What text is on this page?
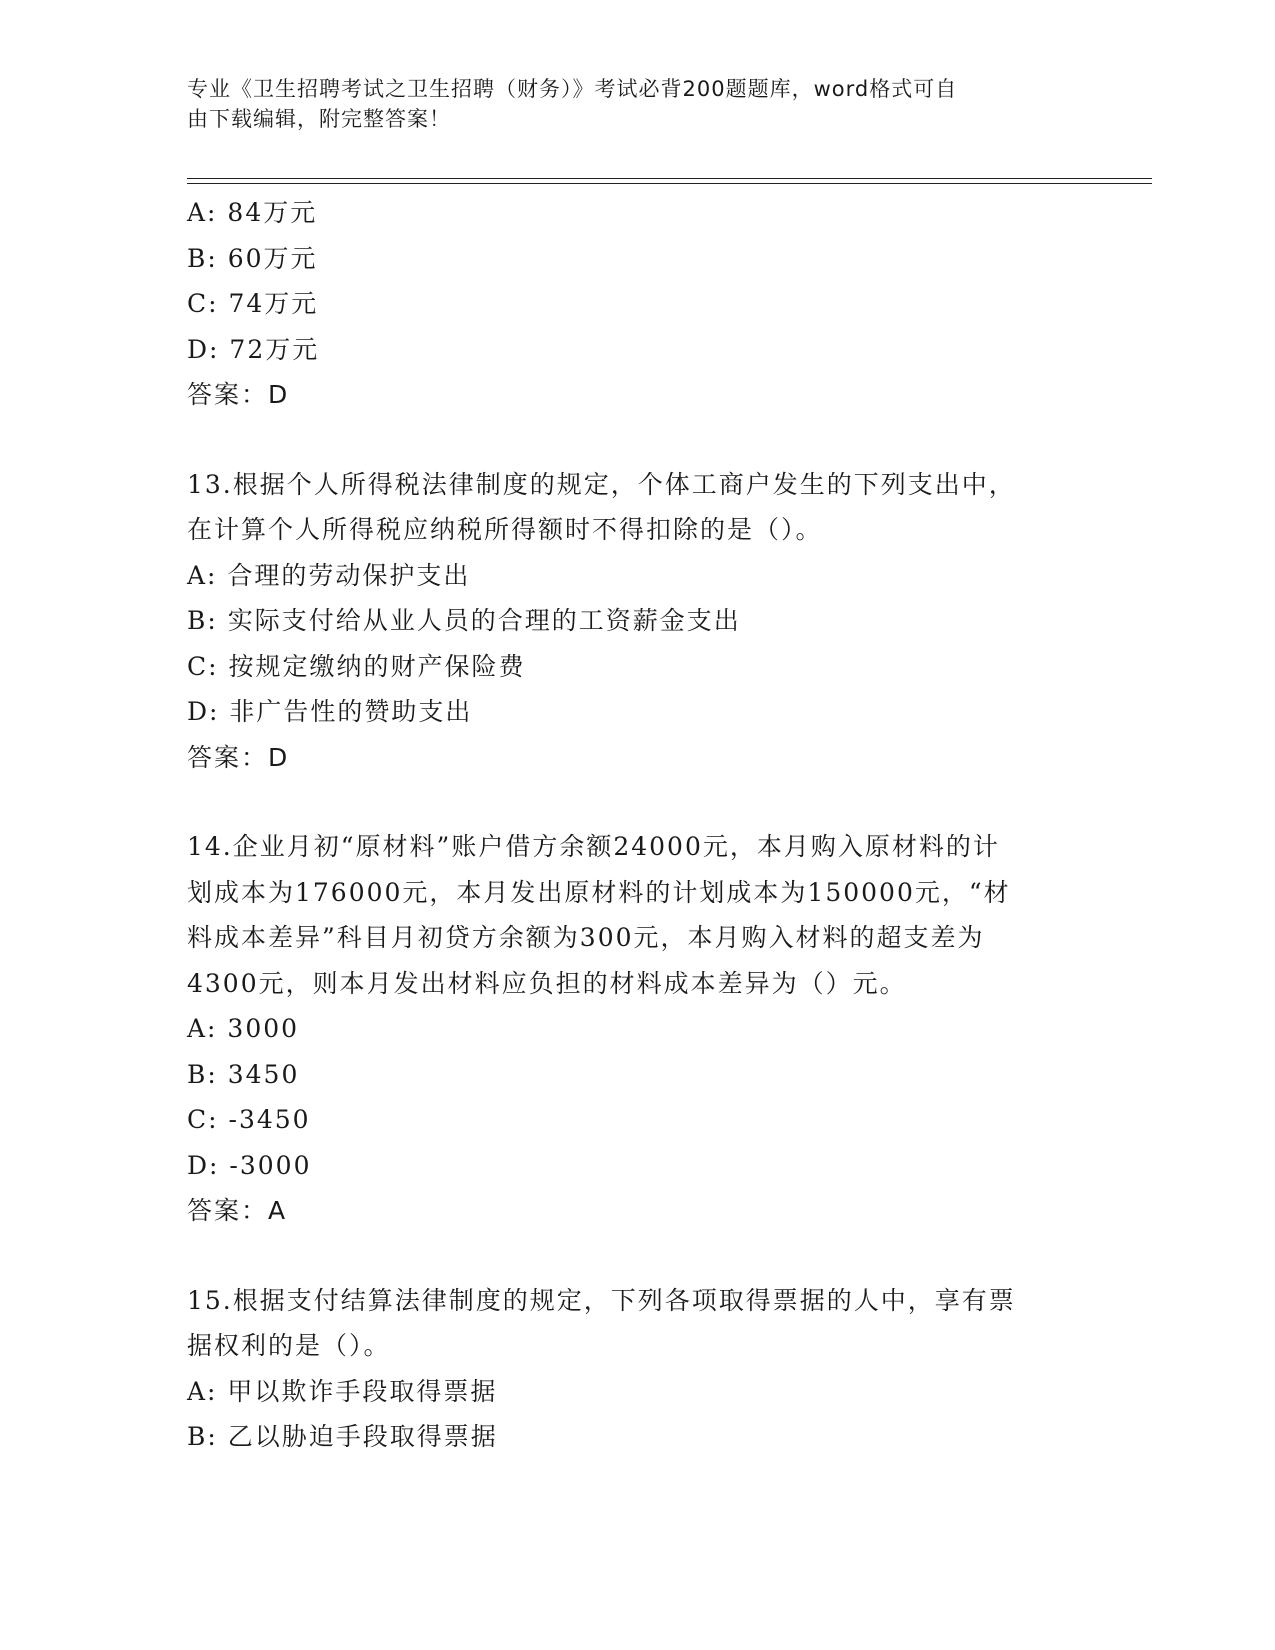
专业《卫生招聘考试之卫生招聘（财务）》考试必背200题题库，word格式可自
由下载编辑，附完整答案！
A: 84万元
B: 60万元
C: 74万元
D: 72万元
答案：D
13.根据个人所得税法律制度的规定，个体工商户发生的下列支出中，
在计算个人所得税应纳税所得额时不得扣除的是（）。
A: 合理的劳动保护支出
B: 实际支付给从业人员的合理的工资薪金支出
C: 按规定缴纳的财产保险费
D: 非广告性的赞助支出
答案：D
14.企业月初“原材料”账户借方余额24000元，本月购入原材料的计
划成本为176000元，本月发出原材料的计划成本为150000元，“材
料成本差异”科目月初贷方余额为300元，本月购入材料的超支差为
4300元，则本月发出材料应负担的材料成本差异为（）元。
A: 3000
B: 3450
C: -3450
D: -3000
答案：A
15.根据支付结算法律制度的规定，下列各项取得票据的人中，享有票
据权利的是（）。
A: 甲以欺诈手段取得票据
B: 乙以胁迫手段取得票据
